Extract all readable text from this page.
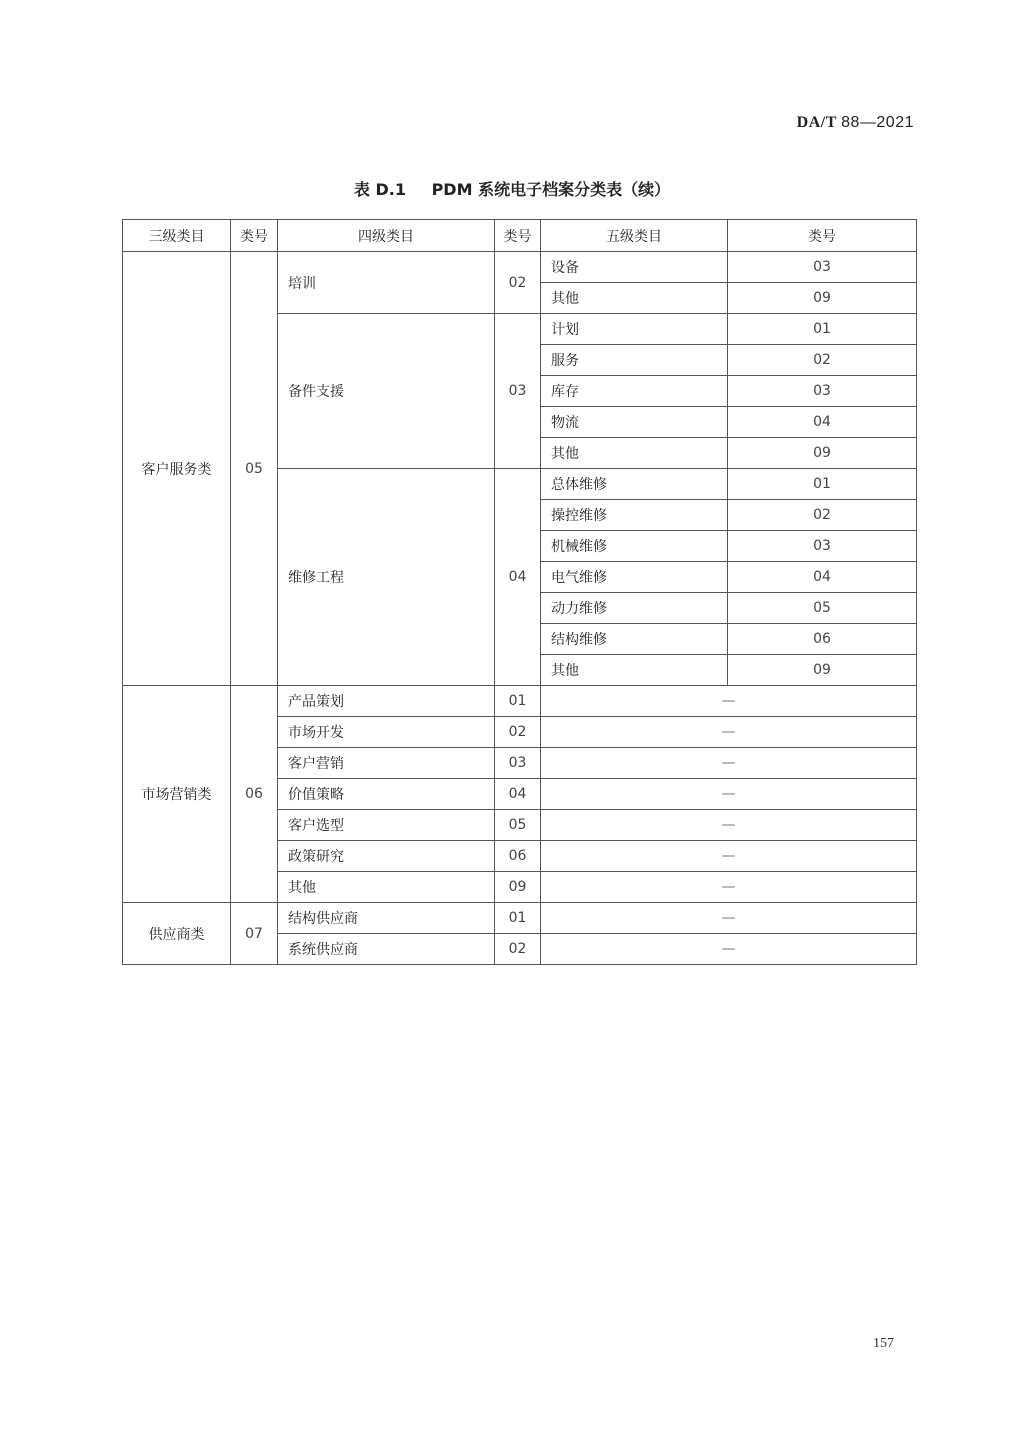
DA/T 88—2021
表 D.1 PDM 系统电子档案分类表（续）
三级类目	类号	四级类目	类号	五级类目	类号
客户服务类	05	培训	02	设备	03
				其他	09
		备件支援	03	计划	01
				服务	02
				库存	03
				物流	04
				其他	09
		维修工程	04	总体维修	01
				操控维修	02
				机械维修	03
				电气维修	04
				动力维修	05
				结构维修	06
				其他	09
市场营销类	06	产品策划	01	—	
		市场开发	02	—	
		客户营销	03	—	
		价值策略	04	—	
		客户选型	05	—	
		政策研究	06	—	
		其他	09	—	
供应商类	07	结构供应商	01	—	
		系统供应商	02	—	
157
